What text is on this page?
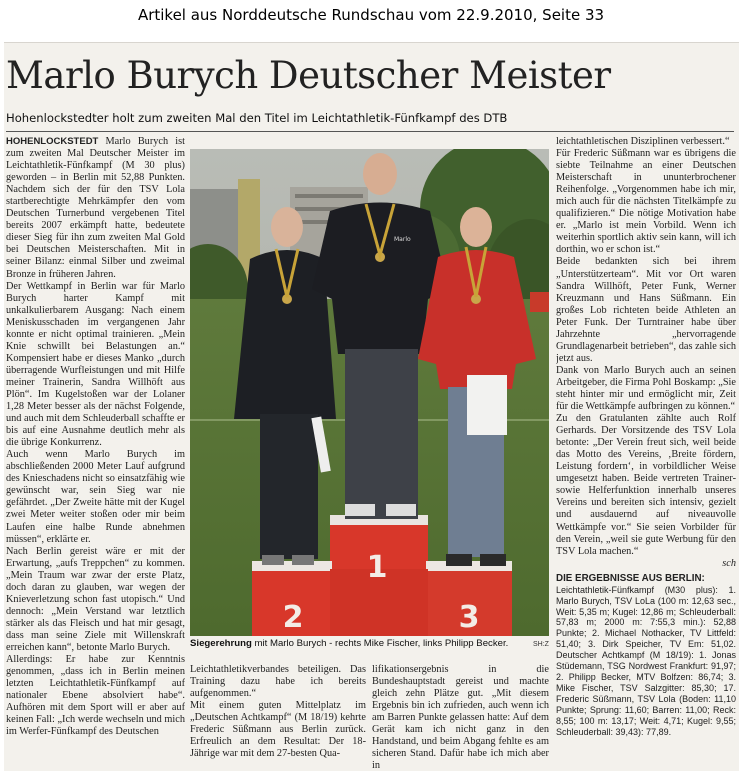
Artikel aus Norddeutsche Rundschau vom 22.9.2010, Seite 33
Marlo Burych Deutscher Meister
Hohenlockstedter holt zum zweiten Mal den Titel im Leichtathletik-Fünfkampf des DTB

HOHENLOCKSTEDT Marlo Burych ist zum zweiten Mal Deutscher Meister im Leichtathletik-Fünfkampf (M 30 plus) geworden – in Berlin mit 52,88 Punkten. Nachdem sich der für den TSV Lola startberechtigte Mehrkämpfer den vom Deutschen Turnerbund vergebenen Titel bereits 2007 erkämpft hatte, bedeutete dieser Sieg für ihn zum zweiten Mal Gold bei Deutschen Meisterschaften. Mit in seiner Bilanz: einmal Silber und zweimal Bronze in früheren Jahren.

Der Wettkampf in Berlin war für Marlo Burych harter Kampf mit unkalkulierbarem Ausgang: Nach einem Meniskusschaden im vergangenen Jahr konnte er nicht optimal trainieren. „Mein Knie schwillt bei Belastungen an.“ Kompensiert habe er dieses Manko „durch überragende Wurfleistungen und mit Hilfe meiner Trainerin, Sandra Willhöft aus Plön“. Im Kugelstoßen war der Lolaner 1,28 Meter besser als der nächst Folgende, und auch mit dem Schleuderball schaffte er bis auf eine Ausnahme deutlich mehr als die übrige Konkurrenz.

Auch wenn Marlo Burych im abschließenden 2000 Meter Lauf aufgrund des Knieschadens nicht so einsatzfähig wie gewünscht war, sein Sieg war nie gefährdet. „Der Zweite hätte mit der Kugel zwei Meter weiter stoßen oder mir beim Laufen eine halbe Runde abnehmen müssen“, erklärte er.

Nach Berlin gereist wäre er mit der Erwartung, „aufs Treppchen“ zu kommen. „Mein Traum war zwar der erste Platz, doch daran zu glauben, war wegen der Knieverletzung schon fast utopisch.“ Und dennoch: „Mein Verstand war letztlich stärker als das Fleisch und hat mir gesagt, dass man seine Ziele mit Willenskraft erreichen kann“, betonte Marlo Burych.

Allerdings: Er habe zur Kenntnis genommen, „dass ich in Berlin meinen letzten Leichtathletik-Fünfkampf auf nationaler Ebene absolviert habe“. Aufhören mit dem Sport will er aber auf keinen Fall: „Ich werde wechseln und mich im Werfer-Fünfkampf des Deutschen

1
2	3
Marlo
Siegerehrung mit Marlo Burych - rechts Mike Fischer, links Philipp Becker.	SH:Z

Leichtathletikverbandes beteiligen. Das Training dazu habe ich bereits aufgenommen.“

Mit einem guten Mittelplatz im „Deutschen Achtkampf“ (M 18/19) kehrte Frederic Süßmann aus Berlin zurück. Erfreulich an dem Resultat: Der 18-Jährige war mit dem 27-besten Qua-

lifikationsergebnis in die Bundeshauptstadt gereist und machte gleich zehn Plätze gut. „Mit diesem Ergebnis bin ich zufrieden, auch wenn ich am Barren Punkte gelassen hatte: Auf dem Gerät kam ich nicht ganz in den Handstand, und beim Abgang fehlte es am sicheren Stand. Dafür habe ich mich aber in

leichtathletischen Disziplinen verbessert.“

Für Frederic Süßmann war es übrigens die siebte Teilnahme an einer Deutschen Meisterschaft in ununterbrochener Reihenfolge. „Vorgenommen habe ich mir, mich auch für die nächsten Titelkämpfe zu qualifizieren.“ Die nötige Motivation habe er. „Marlo ist mein Vorbild. Wenn ich weiterhin sportlich aktiv sein kann, will ich dorthin, wo er schon ist.“

Beide bedankten sich bei ihrem „Unterstützerteam“. Mit vor Ort waren Sandra Willhöft, Peter Funk, Werner Kreuzmann und Hans Süßmann. Ein großes Lob richteten beide Athleten an Peter Funk. Der Turntrainer habe über Jahrzehnte „hervorragende Grundlagenarbeit betrieben“, das zahle sich jetzt aus.

Dank von Marlo Burych auch an seinen Arbeitgeber, die Firma Pohl Boskamp: „Sie steht hinter mir und ermöglicht mir, Zeit für die Wettkämpfe aufbringen zu können.“

Zu den Gratulanten zählte auch Rolf Gerhards. Der Vorsitzende des TSV Lola betonte: „Der Verein freut sich, weil beide das Motto des Vereins, ‚Breite fördern, Leistung fordern‘, in vorbildlicher Weise umgesetzt haben. Beide vertreten Trainer- sowie Helferfunktion innerhalb unseres Vereins und bereiten sich intensiv, gezielt und ausdauernd auf niveauvolle Wettkämpfe vor.“ Sie seien Vorbilder für den Verein, „weil sie gute Werbung für den TSV Lola machen.“

sch

DIE ERGEBNISSE AUS BERLIN:

Leichtathletik-Fünfkampf (M30 plus): 1. Marlo Burych, TSV LoLa (100 m: 12,63 sec., Weit: 5,35 m; Kugel: 12,86 m; Schleuderball: 57,83 m; 2000 m: 7:55,3 min.): 52,88 Punkte; 2. Michael Nothacker, TV Littfeld: 51,40; 3. Dirk Speicher, TV Em: 51,02. Deutscher Achtkampf (M 18/19): 1. Jonas Stüdemann, TSG Nordwest Frankfurt: 91,97; 2. Philipp Becker, MTV Bolfzen: 86,74; 3. Mike Fischer, TSV Salzgitter: 85,30; 17. Frederic Süßmann, TSV Lola (Boden: 11,10 Punkte; Sprung: 11,60; Barren: 11,00; Reck: 8,55; 100 m: 13,17; Weit: 4,71; Kugel: 9,55; Schleuderball: 39,43): 77,89.
